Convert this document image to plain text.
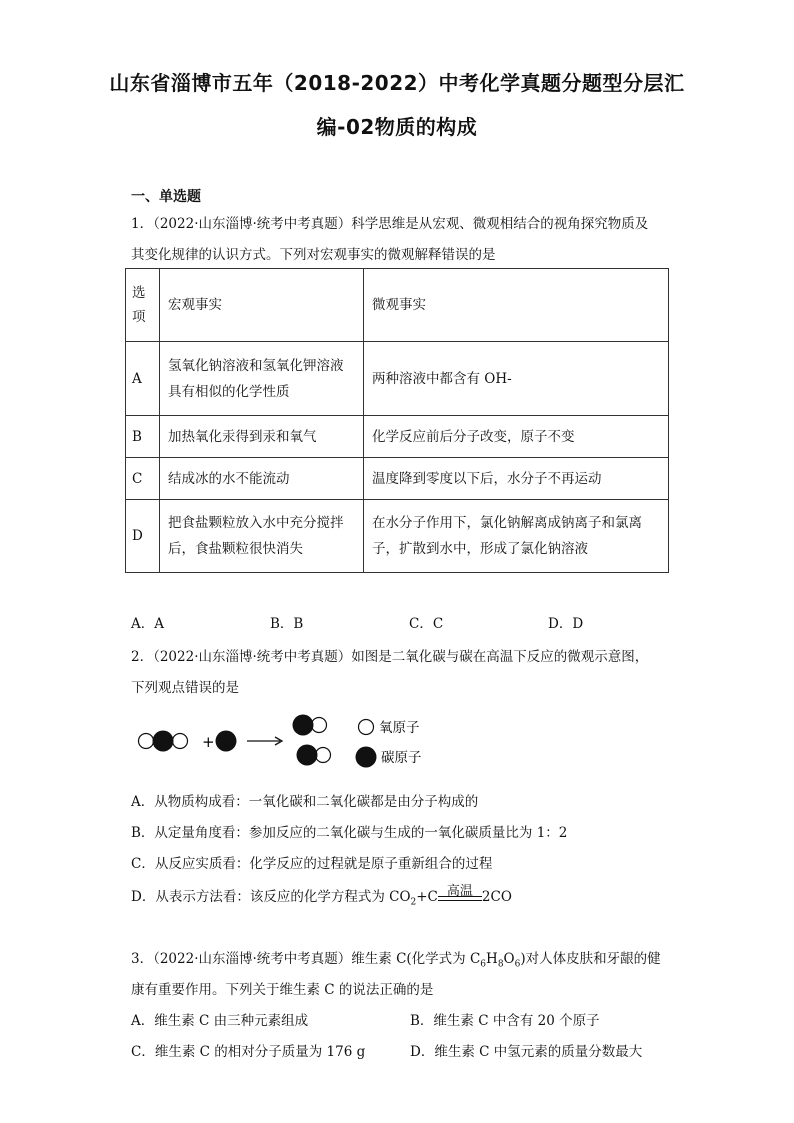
山东省淄博市五年（2018-2022）中考化学真题分题型分层汇
编-02物质的构成
一、单选题
1．（2022·山东淄博·统考中考真题）科学思维是从宏观、微观相结合的视角探究物质及
其变化规律的认识方式。下列对宏观事实的微观解释错误的是
选项	宏观事实	微观事实
A	氢氧化钠溶液和氢氧化钾溶液具有相似的化学性质	两种溶液中都含有 OH-
B	加热氧化汞得到汞和氧气	化学反应前后分子改变，原子不变
C	结成冰的水不能流动	温度降到零度以下后，水分子不再运动
D	把食盐颗粒放入水中充分搅拌后，食盐颗粒很快消失	在水分子作用下，氯化钠解离成钠离子和氯离子，扩散到水中，形成了氯化钠溶液
A．A	B．B	C．C	D．D
2．（2022·山东淄博·统考中考真题）如图是二氧化碳与碳在高温下反应的微观示意图，
下列观点错误的是
+
氧原子
碳原子
A．从物质构成看：一氧化碳和二氧化碳都是由分子构成的
B．从定量角度看：参加反应的二氧化碳与生成的一氧化碳质量比为 1：2
C．从反应实质看：化学反应的过程就是原子重新组合的过程
D．从表示方法看：该反应的化学方程式为 $CO_2+C$ 高温 2CO
3．（2022·山东淄博·统考中考真题）维生素 C(化学式为 $C_6H_8O_6$)对人体皮肤和牙龈的健
康有重要作用。下列关于维生素 C 的说法正确的是
A．维生素 C 由三种元素组成	B．维生素 C 中含有 20 个原子
C．维生素 C 的相对分子质量为 176 g	D．维生素 C 中氢元素的质量分数最大
